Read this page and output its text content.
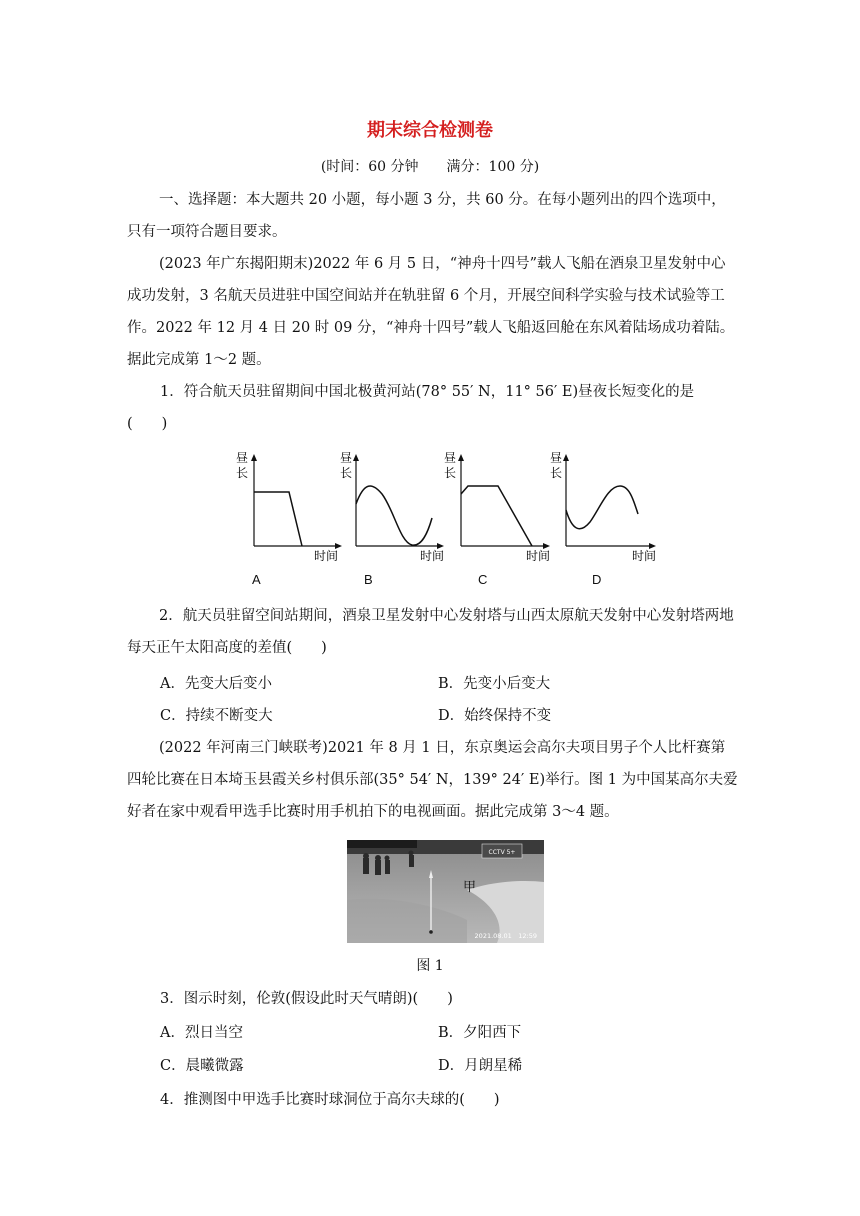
期末综合检测卷
(时间：60 分钟　　满分：100 分)

一、选择题：本大题共 20 小题，每小题 3 分，共 60 分。在每小题列出的四个选项中，只有一项符合题目要求。

(2023 年广东揭阳期末)2022 年 6 月 5 日，“神舟十四号”载人飞船在酒泉卫星发射中心成功发射，3 名航天员进驻中国空间站并在轨驻留 6 个月，开展空间科学实验与技术试验等工作。2022 年 12 月 4 日 20 时 09 分，“神舟十四号”载人飞船返回舱在东风着陆场成功着陆。据此完成第 1～2 题。

1．符合航天员驻留期间中国北极黄河站(78° 55′ N，11° 56′ E)昼夜长短变化的是
(　　)
昼
长
时间
昼
长
时间
昼
长
时间
昼
长
时间
A	B	C	D

2．航天员驻留空间站期间，酒泉卫星发射中心发射塔与山西太原航天发射中心发射塔两地每天正午太阳高度的差值(　　)

A．先变大后变小	B．先变小后变大
C．持续不断变大	D．始终保持不变

(2022 年河南三门峡联考)2021 年 8 月 1 日，东京奥运会高尔夫项目男子个人比杆赛第四轮比赛在日本埼玉县霞关乡村俱乐部(35° 54′ N，139° 24′ E)举行。图 1 为中国某高尔夫爱好者在家中观看甲选手比赛时用手机拍下的电视画面。据此完成第 3～4 题。

CCTV 5+
甲
2021.08.01　12:59
图 1
3．图示时刻，伦敦(假设此时天气晴朗)(　　)
A．烈日当空	B．夕阳西下
C．晨曦微露	D．月朗星稀
4．推测图中甲选手比赛时球洞位于高尔夫球的(　　)
